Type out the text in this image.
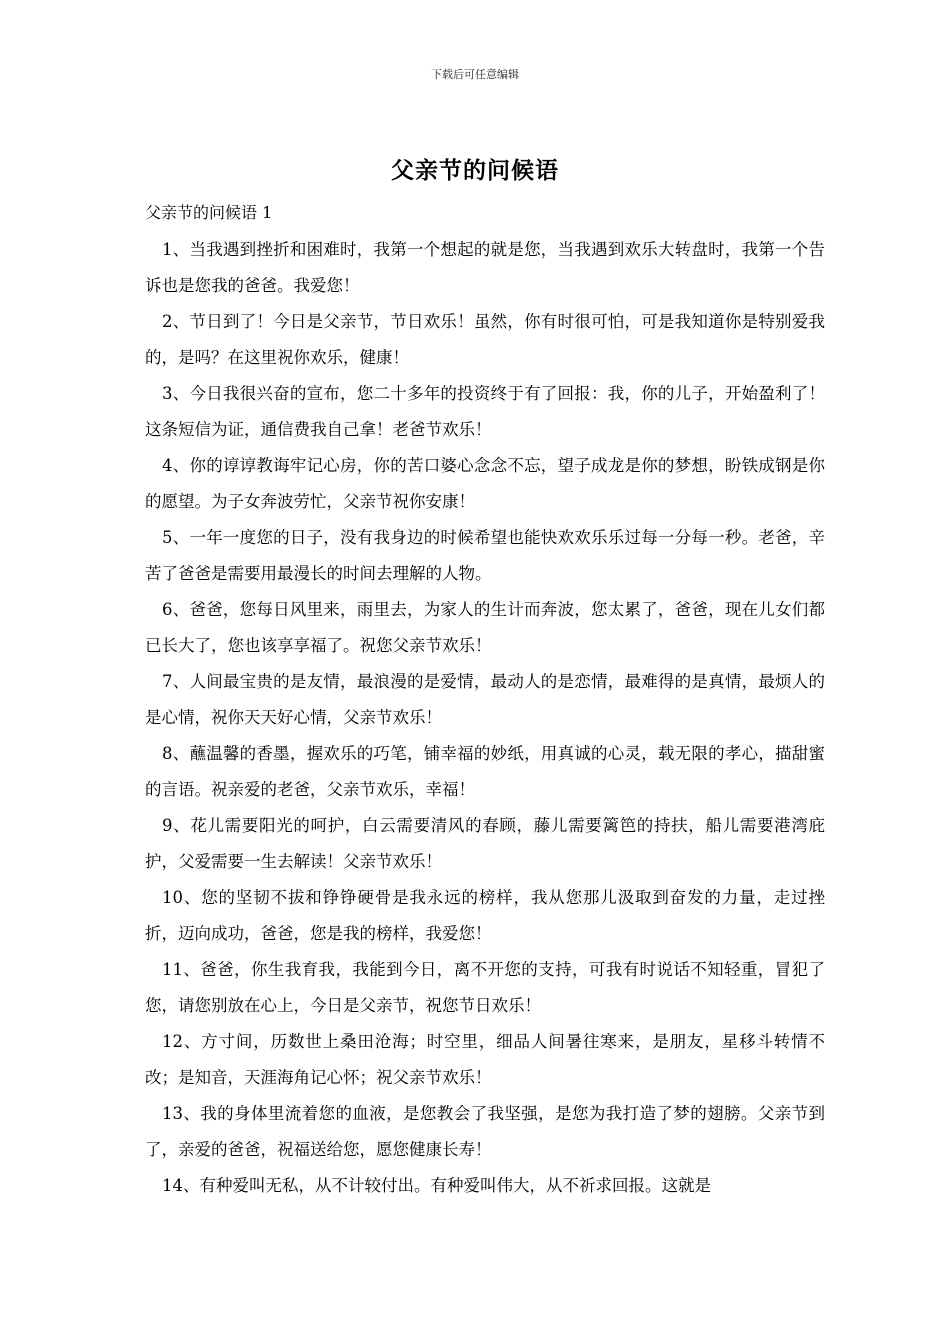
下载后可任意编辑
父亲节的问候语
父亲节的问候语 1

1、当我遇到挫折和困难时，我第一个想起的就是您，当我遇到欢乐大转盘时，我第一个告诉也是您我的爸爸。我爱您！

2、节日到了！今日是父亲节，节日欢乐！虽然，你有时很可怕，可是我知道你是特别爱我的，是吗？在这里祝你欢乐，健康！

3、今日我很兴奋的宣布，您二十多年的投资终于有了回报：我，你的儿子，开始盈利了！这条短信为证，通信费我自己拿！老爸节欢乐！

4、你的谆谆教诲牢记心房，你的苦口婆心念念不忘，望子成龙是你的梦想，盼铁成钢是你的愿望。为子女奔波劳忙，父亲节祝你安康！

5、一年一度您的日子，没有我身边的时候希望也能快欢欢乐乐过每一分每一秒。老爸，辛苦了爸爸是需要用最漫长的时间去理解的人物。

6、爸爸，您每日风里来，雨里去，为家人的生计而奔波，您太累了，爸爸，现在儿女们都已长大了，您也该享享福了。祝您父亲节欢乐！

7、人间最宝贵的是友情，最浪漫的是爱情，最动人的是恋情，最难得的是真情，最烦人的是心情，祝你天天好心情，父亲节欢乐！

8、蘸温馨的香墨，握欢乐的巧笔，铺幸福的妙纸，用真诚的心灵，载无限的孝心，描甜蜜的言语。祝亲爱的老爸，父亲节欢乐，幸福！

9、花儿需要阳光的呵护，白云需要清风的春顾，藤儿需要篱笆的持扶，船儿需要港湾庇护，父爱需要一生去解读！父亲节欢乐！

10、您的坚韧不拔和铮铮硬骨是我永远的榜样，我从您那儿汲取到奋发的力量，走过挫折，迈向成功，爸爸，您是我的榜样，我爱您！

11、爸爸，你生我育我，我能到今日，离不开您的支持，可我有时说话不知轻重，冒犯了您，请您别放在心上，今日是父亲节，祝您节日欢乐！

12、方寸间，历数世上桑田沧海；时空里，细品人间暑往寒来，是朋友，星移斗转情不改；是知音，天涯海角记心怀；祝父亲节欢乐！

13、我的身体里流着您的血液，是您教会了我坚强，是您为我打造了梦的翅膀。父亲节到了，亲爱的爸爸，祝福送给您，愿您健康长寿！

14、有种爱叫无私，从不计较付出。有种爱叫伟大，从不祈求回报。这就是
